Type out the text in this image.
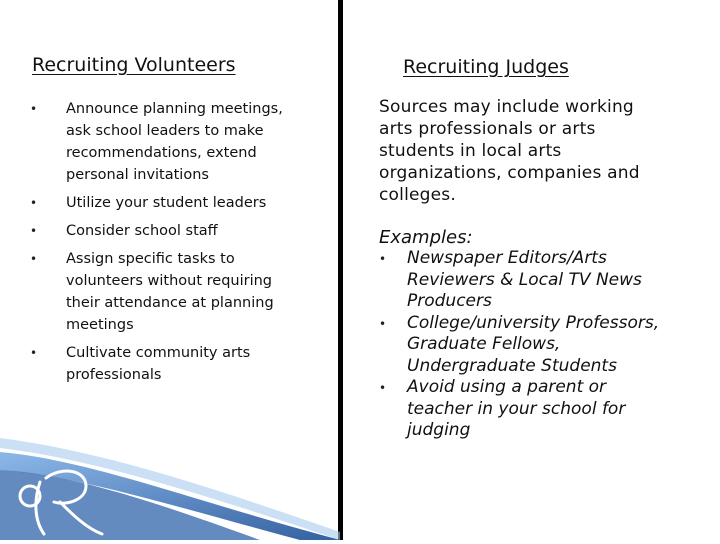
Recruiting Volunteers
• Announce planning meetings, ask school leaders to make recommendations, extend personal invitations
• Utilize your student leaders
• Consider school staff
• Assign specific tasks to volunteers without requiring their attendance at planning meetings
• Cultivate community arts professionals
Recruiting Judges
Sources may include working arts professionals or arts students in local arts organizations, companies and colleges.
Examples:
• Newspaper Editors/Arts Reviewers & Local TV News Producers
• College/university Professors, Graduate Fellows, Undergraduate Students
• Avoid using a parent or teacher in your school for judging
